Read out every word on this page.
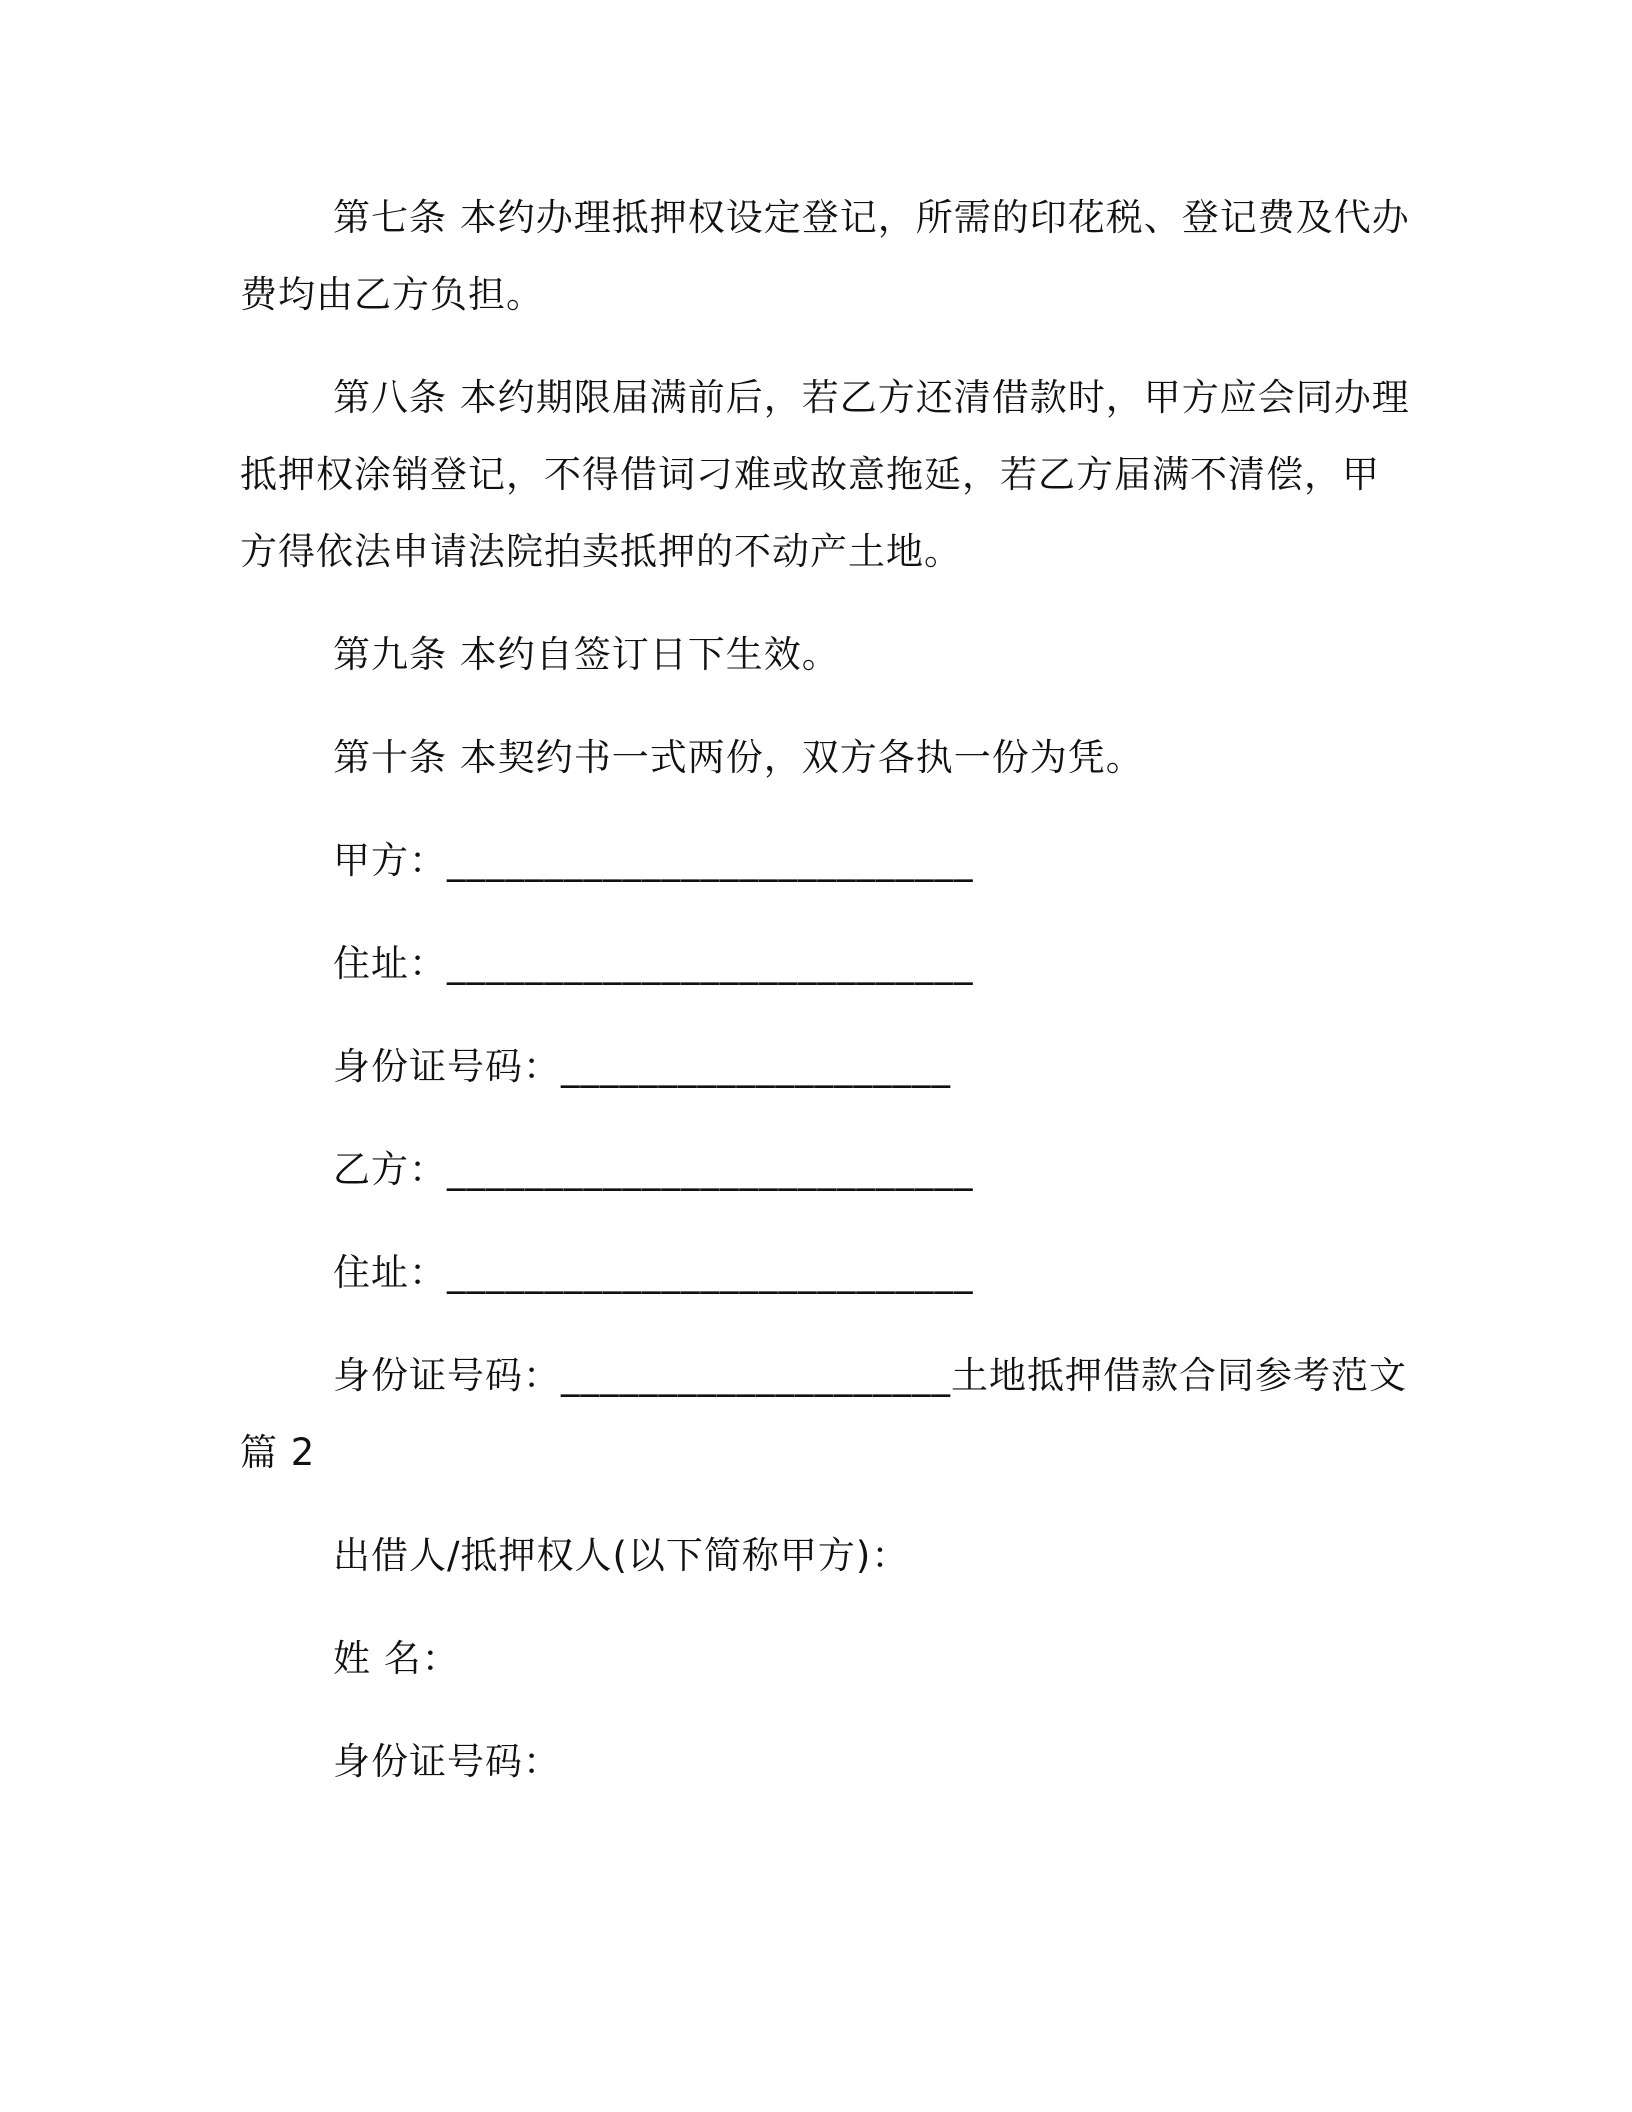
第七条 本约办理抵押权设定登记，所需的印花税、登记费及代办
费均由乙方负担。
第八条 本约期限届满前后，若乙方还清借款时，甲方应会同办理
抵押权涂销登记，不得借词刁难或故意拖延，若乙方届满不清偿，甲
方得依法申请法院拍卖抵押的不动产土地。
第九条 本约自签订日下生效。
第十条 本契约书一式两份，双方各执一份为凭。
甲方：___________________________
住址：___________________________
身份证号码：____________________
乙方：___________________________
住址：___________________________
身份证号码：____________________土地抵押借款合同参考范文
篇 2
出借人/抵押权人(以下简称甲方)：
姓 名：
身份证号码：
